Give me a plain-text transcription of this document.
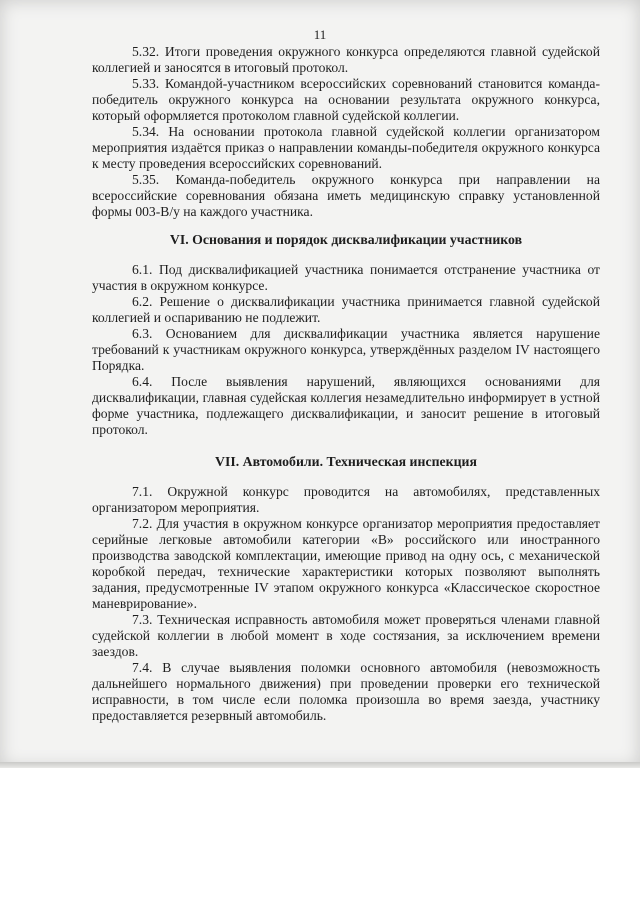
11

5.32. Итоги проведения окружного конкурса определяются главной судейской коллегией и заносятся в итоговый протокол.

5.33. Командой-участником всероссийских соревнований становится команда-победитель окружного конкурса на основании результата окружного конкурса, который оформляется протоколом главной судейской коллегии.

5.34. На основании протокола главной судейской коллегии организатором мероприятия издаётся приказ о направлении команды-победителя окружного конкурса к месту проведения всероссийских соревнований.

5.35. Команда-победитель окружного конкурса при направлении на всероссийские соревнования обязана иметь медицинскую справку установленной формы 003-В/у на каждого участника.

VI. Основания и порядок дисквалификации участников

6.1. Под дисквалификацией участника понимается отстранение участника от участия в окружном конкурсе.

6.2. Решение о дисквалификации участника принимается главной судейской коллегией и оспариванию не подлежит.

6.3. Основанием для дисквалификации участника является нарушение требований к участникам окружного конкурса, утверждённых разделом IV настоящего Порядка.

6.4. После выявления нарушений, являющихся основаниями для дисквалификации, главная судейская коллегия незамедлительно информирует в устной форме участника, подлежащего дисквалификации, и заносит решение в итоговый протокол.

VII. Автомобили. Техническая инспекция

7.1. Окружной конкурс проводится на автомобилях, представленных организатором мероприятия.

7.2. Для участия в окружном конкурсе организатор мероприятия предоставляет серийные легковые автомобили категории «В» российского или иностранного производства заводской комплектации, имеющие привод на одну ось, с механической коробкой передач, технические характеристики которых позволяют выполнять задания, предусмотренные IV этапом окружного конкурса «Классическое скоростное маневрирование».

7.3. Техническая исправность автомобиля может проверяться членами главной судейской коллегии в любой момент в ходе состязания, за исключением времени заездов.

7.4. В случае выявления поломки основного автомобиля (невозможность дальнейшего нормального движения) при проведении проверки его технической исправности, в том числе если поломка произошла во время заезда, участнику предоставляется резервный автомобиль.
